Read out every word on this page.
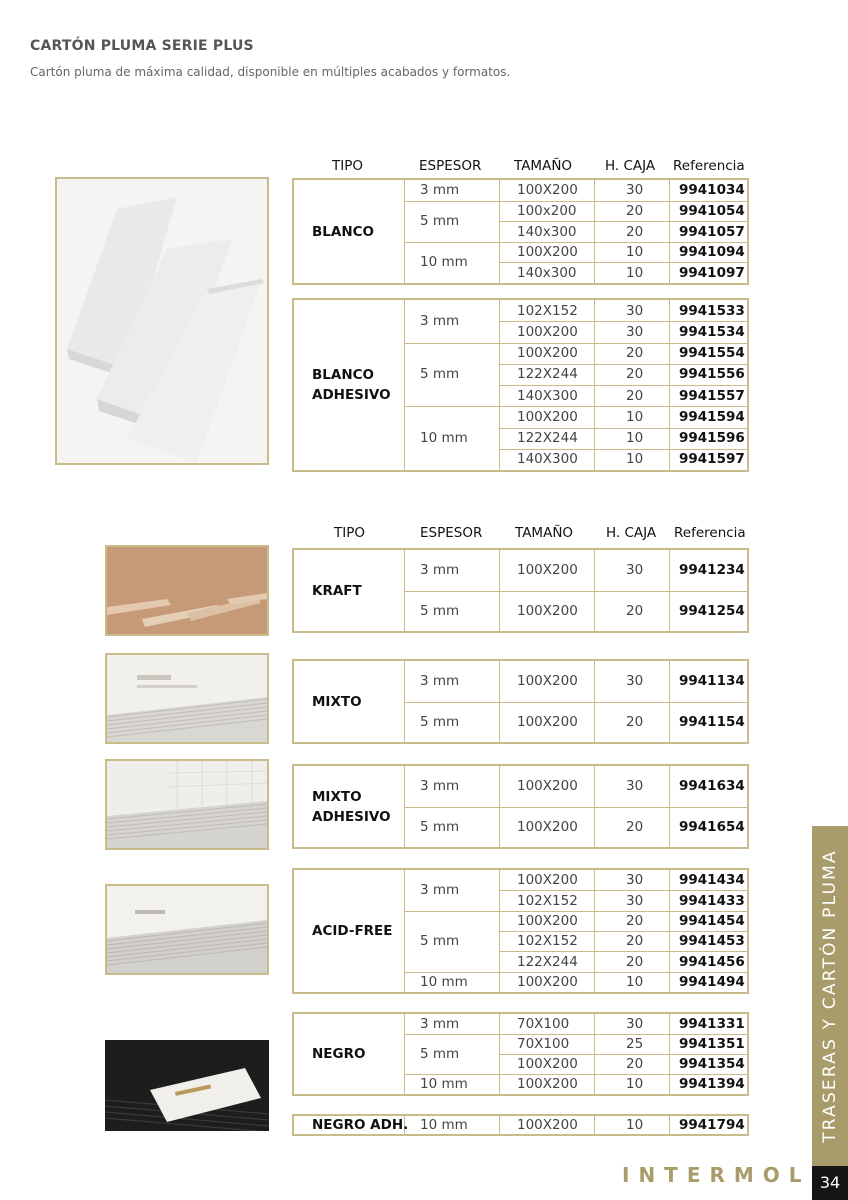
CARTÓN PLUMA SERIE PLUS
Cartón pluma de máxima calidad, disponible en múltiples acabados y formatos.
TIPO	ESPESOR TAMAÑO H. CAJA Referencia
TIPO	ESPESOR TAMAÑO H. CAJA Referencia
BLANCO
3 mm	100X200	30	9941034
5 mm
100x200	20	9941054
140x300	20	9941057
10 mm
100X200	10	9941094
140x300	10	9941097
BLANCO ADHESIVO
3 mm
102X152	30	9941533
100X200	30	9941534
5 mm
100X200	20	9941554
122X244	20	9941556
140X300	20	9941557
10 mm
100X200	10	9941594
122X244	10	9941596
140X300	10	9941597
KRAFT
3 mm	100X200	30	9941234
5 mm	100X200	20	9941254
MIXTO
3 mm	100X200	30	9941134
5 mm	100X200	20	9941154
MIXTO ADHESIVO
3 mm	100X200	30	9941634
5 mm	100X200	20	9941654
ACID-FREE
3 mm
100X200	30	9941434
102X152	30	9941433
5 mm
100X200	20	9941454
102X152	20	9941453
122X244	20	9941456
10 mm	100X200	10	9941494
NEGRO
3 mm	70X100	30	9941331
5 mm
70X100	25	9941351
100X200	20	9941354
10 mm	100X200	10	9941394
NEGRO ADH. 10 mm	100X200	10	9941794
INTERMOL
TRASERAS Y CARTÓN PLUMA
34
